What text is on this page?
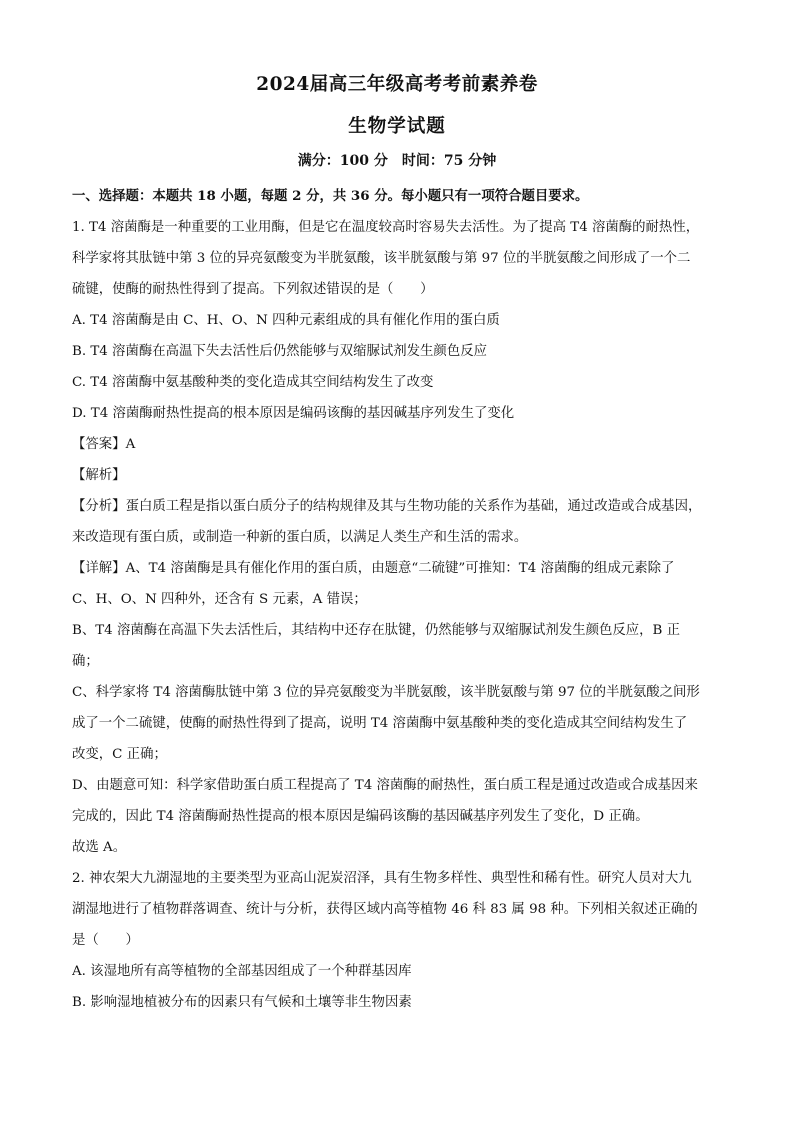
2024届高三年级高考考前素养卷
生物学试题
满分：100 分 时间：75 分钟
一、选择题：本题共 18 小题，每题 2 分，共 36 分。每小题只有一项符合题目要求。
1. T4 溶菌酶是一种重要的工业用酶，但是它在温度较高时容易失去活性。为了提高 T4 溶菌酶的耐热性，
科学家将其肽链中第 3 位的异亮氨酸变为半胱氨酸，该半胱氨酸与第 97 位的半胱氨酸之间形成了一个二
硫键，使酶的耐热性得到了提高。下列叙述错误的是（　　）
A. T4 溶菌酶是由 C、H、O、N 四种元素组成的具有催化作用的蛋白质
B. T4 溶菌酶在高温下失去活性后仍然能够与双缩脲试剂发生颜色反应
C. T4 溶菌酶中氨基酸种类的变化造成其空间结构发生了改变
D. T4 溶菌酶耐热性提高的根本原因是编码该酶的基因碱基序列发生了变化
【答案】A
【解析】
【分析】蛋白质工程是指以蛋白质分子的结构规律及其与生物功能的关系作为基础，通过改造或合成基因，
来改造现有蛋白质，或制造一种新的蛋白质，以满足人类生产和生活的需求。
【详解】A、T4 溶菌酶是具有催化作用的蛋白质，由题意“二硫键”可推知：T4 溶菌酶的组成元素除了
C、H、O、N 四种外，还含有 S 元素，A 错误；
B、T4 溶菌酶在高温下失去活性后，其结构中还存在肽键，仍然能够与双缩脲试剂发生颜色反应，B 正
确；
C、科学家将 T4 溶菌酶肽链中第 3 位的异亮氨酸变为半胱氨酸，该半胱氨酸与第 97 位的半胱氨酸之间形
成了一个二硫键，使酶的耐热性得到了提高，说明 T4 溶菌酶中氨基酸种类的变化造成其空间结构发生了
改变，C 正确；
D、由题意可知：科学家借助蛋白质工程提高了 T4 溶菌酶的耐热性，蛋白质工程是通过改造或合成基因来
完成的，因此 T4 溶菌酶耐热性提高的根本原因是编码该酶的基因碱基序列发生了变化，D 正确。
故选 A。
2. 神农架大九湖湿地的主要类型为亚高山泥炭沼泽，具有生物多样性、典型性和稀有性。研究人员对大九
湖湿地进行了植物群落调查、统计与分析，获得区域内高等植物 46 科 83 属 98 种。下列相关叙述正确的
是（　　）
A. 该湿地所有高等植物的全部基因组成了一个种群基因库
B. 影响湿地植被分布的因素只有气候和土壤等非生物因素
